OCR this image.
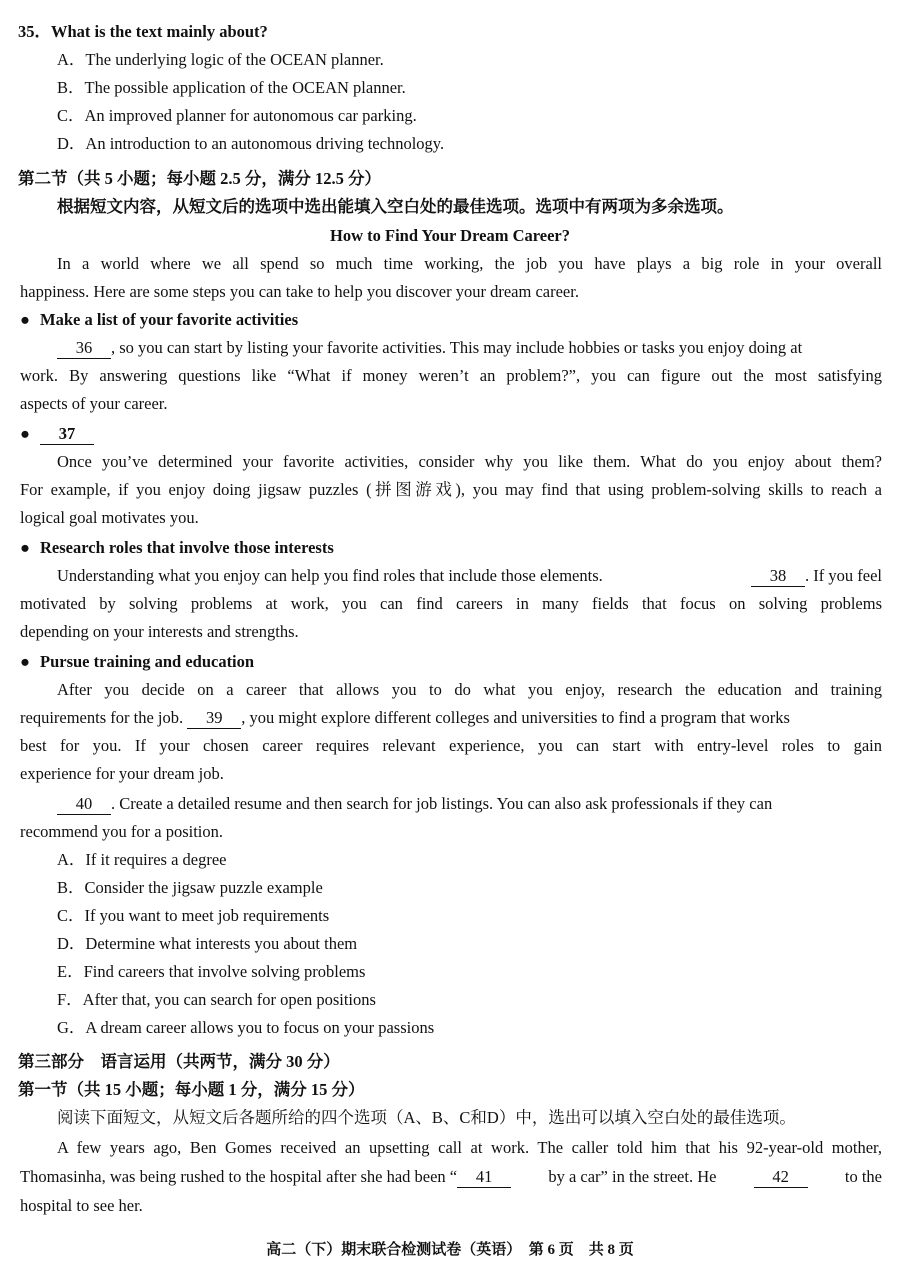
35．What is the text mainly about?
A．The underlying logic of the OCEAN planner.
B．The possible application of the OCEAN planner.
C．An improved planner for autonomous car parking.
D．An introduction to an autonomous driving technology.
第二节（共 5 小题；每小题 2.5 分，满分 12.5 分）
根据短文内容，从短文后的选项中选出能填入空白处的最佳选项。选项中有两项为多余选项。
How to Find Your Dream Career?
In a world where we all spend so much time working, the job you have plays a big role in your overall
happiness. Here are some steps you can take to help you discover your dream career.
● Make a list of your favorite activities
36 , so you can start by listing your favorite activities. This may include hobbies or tasks you enjoy doing at
work. By answering questions like “What if money weren’t an problem?”, you can figure out the most satisfying
aspects of your career.
● 37
Once you’ve determined your favorite activities, consider why you like them. What do you enjoy about them?
For example, if you enjoy doing jigsaw puzzles (拼图游戏), you may find that using problem-solving skills to reach a
logical goal motivates you.
● Research roles that involve those interests
Understanding what you enjoy can help you find roles that include those elements.	38 . If you feel
motivated by solving problems at work, you can find careers in many fields that focus on solving problems
depending on your interests and strengths.
● Pursue training and education
After you decide on a career that allows you to do what you enjoy, research the education and training
requirements for the job. 39 , you might explore different colleges and universities to find a program that works
best for you. If your chosen career requires relevant experience, you can start with entry-level roles to gain
experience for your dream job.
40 . Create a detailed resume and then search for job listings. You can also ask professionals if they can
recommend you for a position.
A．If it requires a degree
B．Consider the jigsaw puzzle example
C．If you want to meet job requirements
D．Determine what interests you about them
E．Find careers that involve solving problems
F．After that, you can search for open positions
G．A dream career allows you to focus on your passions
第三部分　语言运用（共两节，满分 30 分）
第一节（共 15 小题；每小题 1 分，满分 15 分）
阅读下面短文，从短文后各题所给的四个选项（A、B、C和D）中，选出可以填入空白处的最佳选项。
A few years ago, Ben Gomes received an upsetting call at work. The caller told him that his 92-year-old mother,
Thomasinha, was being rushed to the hospital after she had been “ 41	by a car” in the street. He	42	to the
hospital to see her.
高二（下）期末联合检测试卷（英语）　第 6 页　共 8 页
